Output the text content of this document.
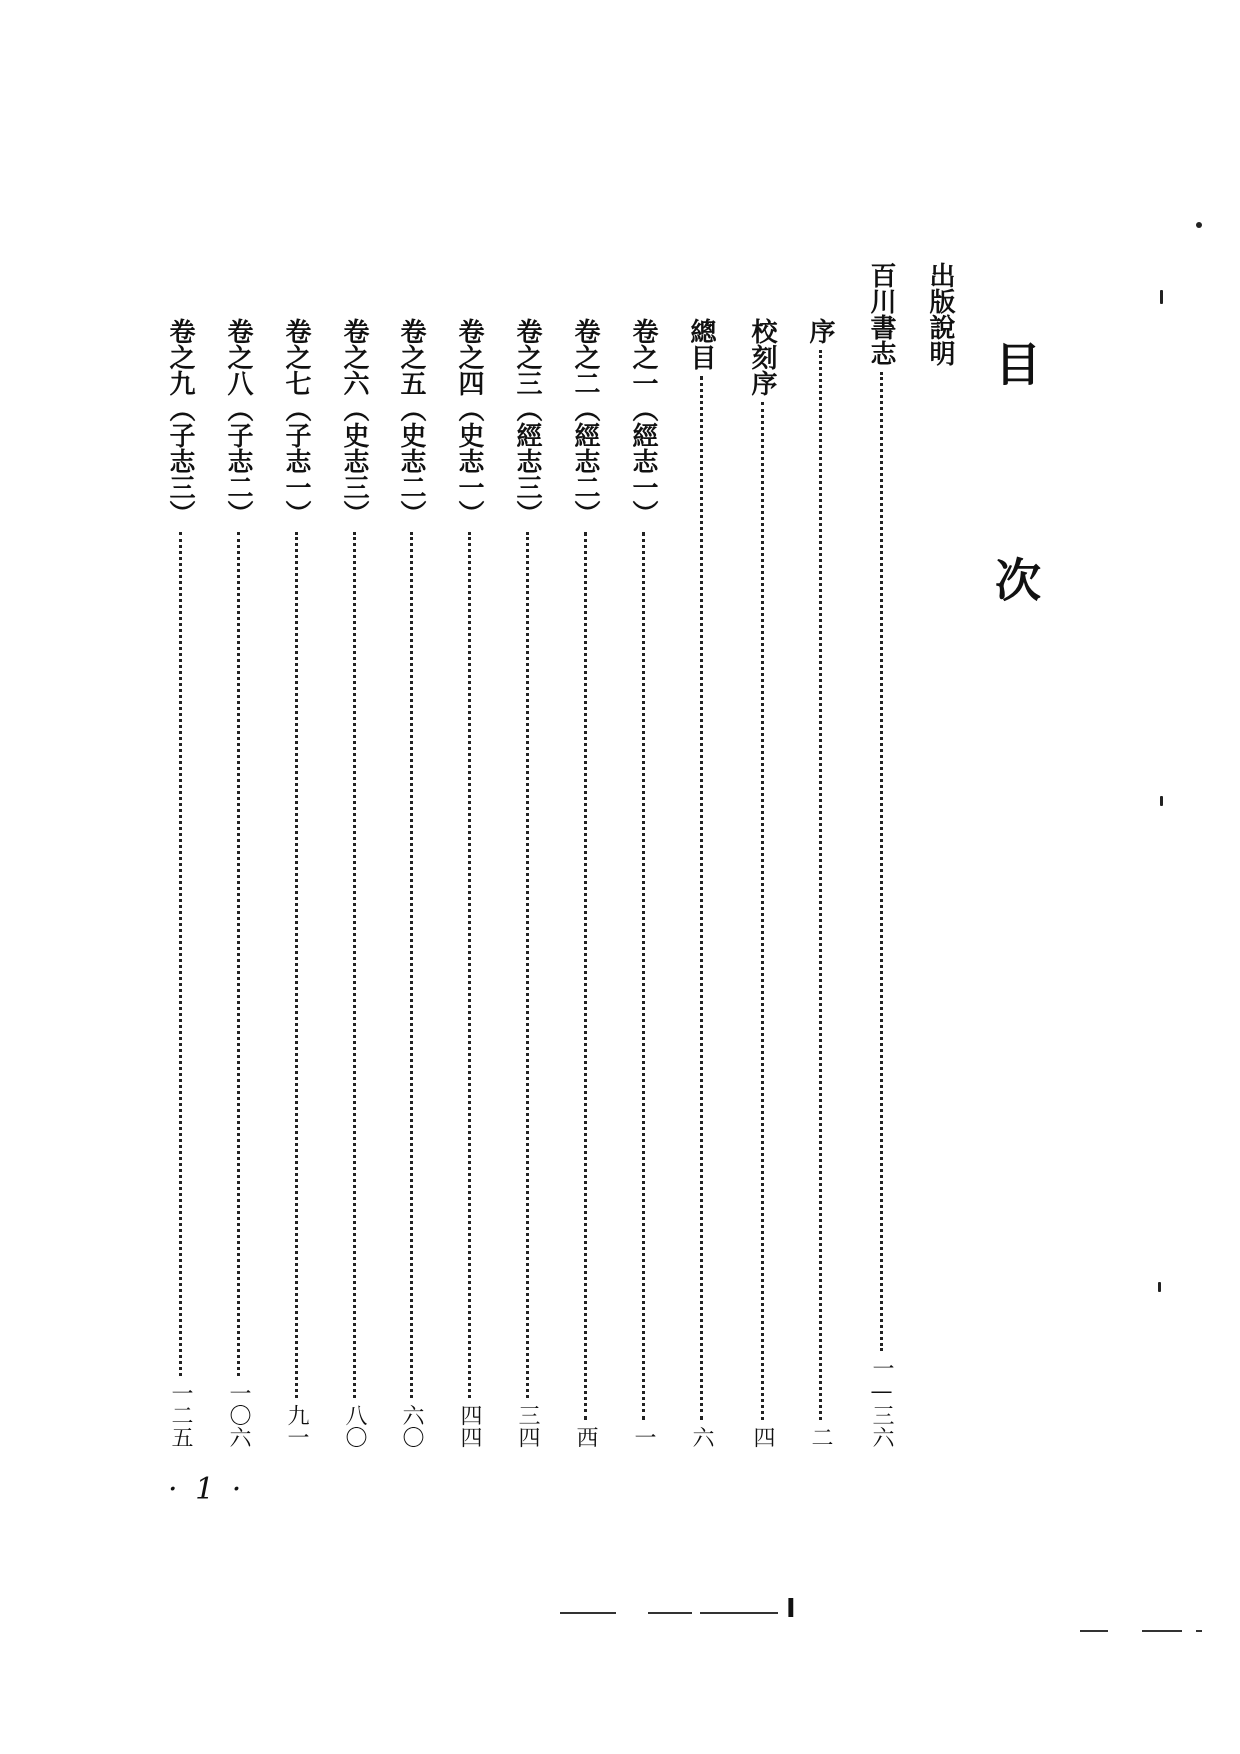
目 次
出版說明
百川書志
一—三六
序
二
校刻序
四
總目
六
卷之一（經志一）
一
卷之二（經志二）
西
卷之三（經志三）
三四
卷之四（史志一）
四四
卷之五（史志二）
六〇
卷之六（史志三）
八〇
卷之七（子志一）
九一
卷之八（子志二）
一〇六
卷之九（子志三）
一二五
· 1 ·
I
